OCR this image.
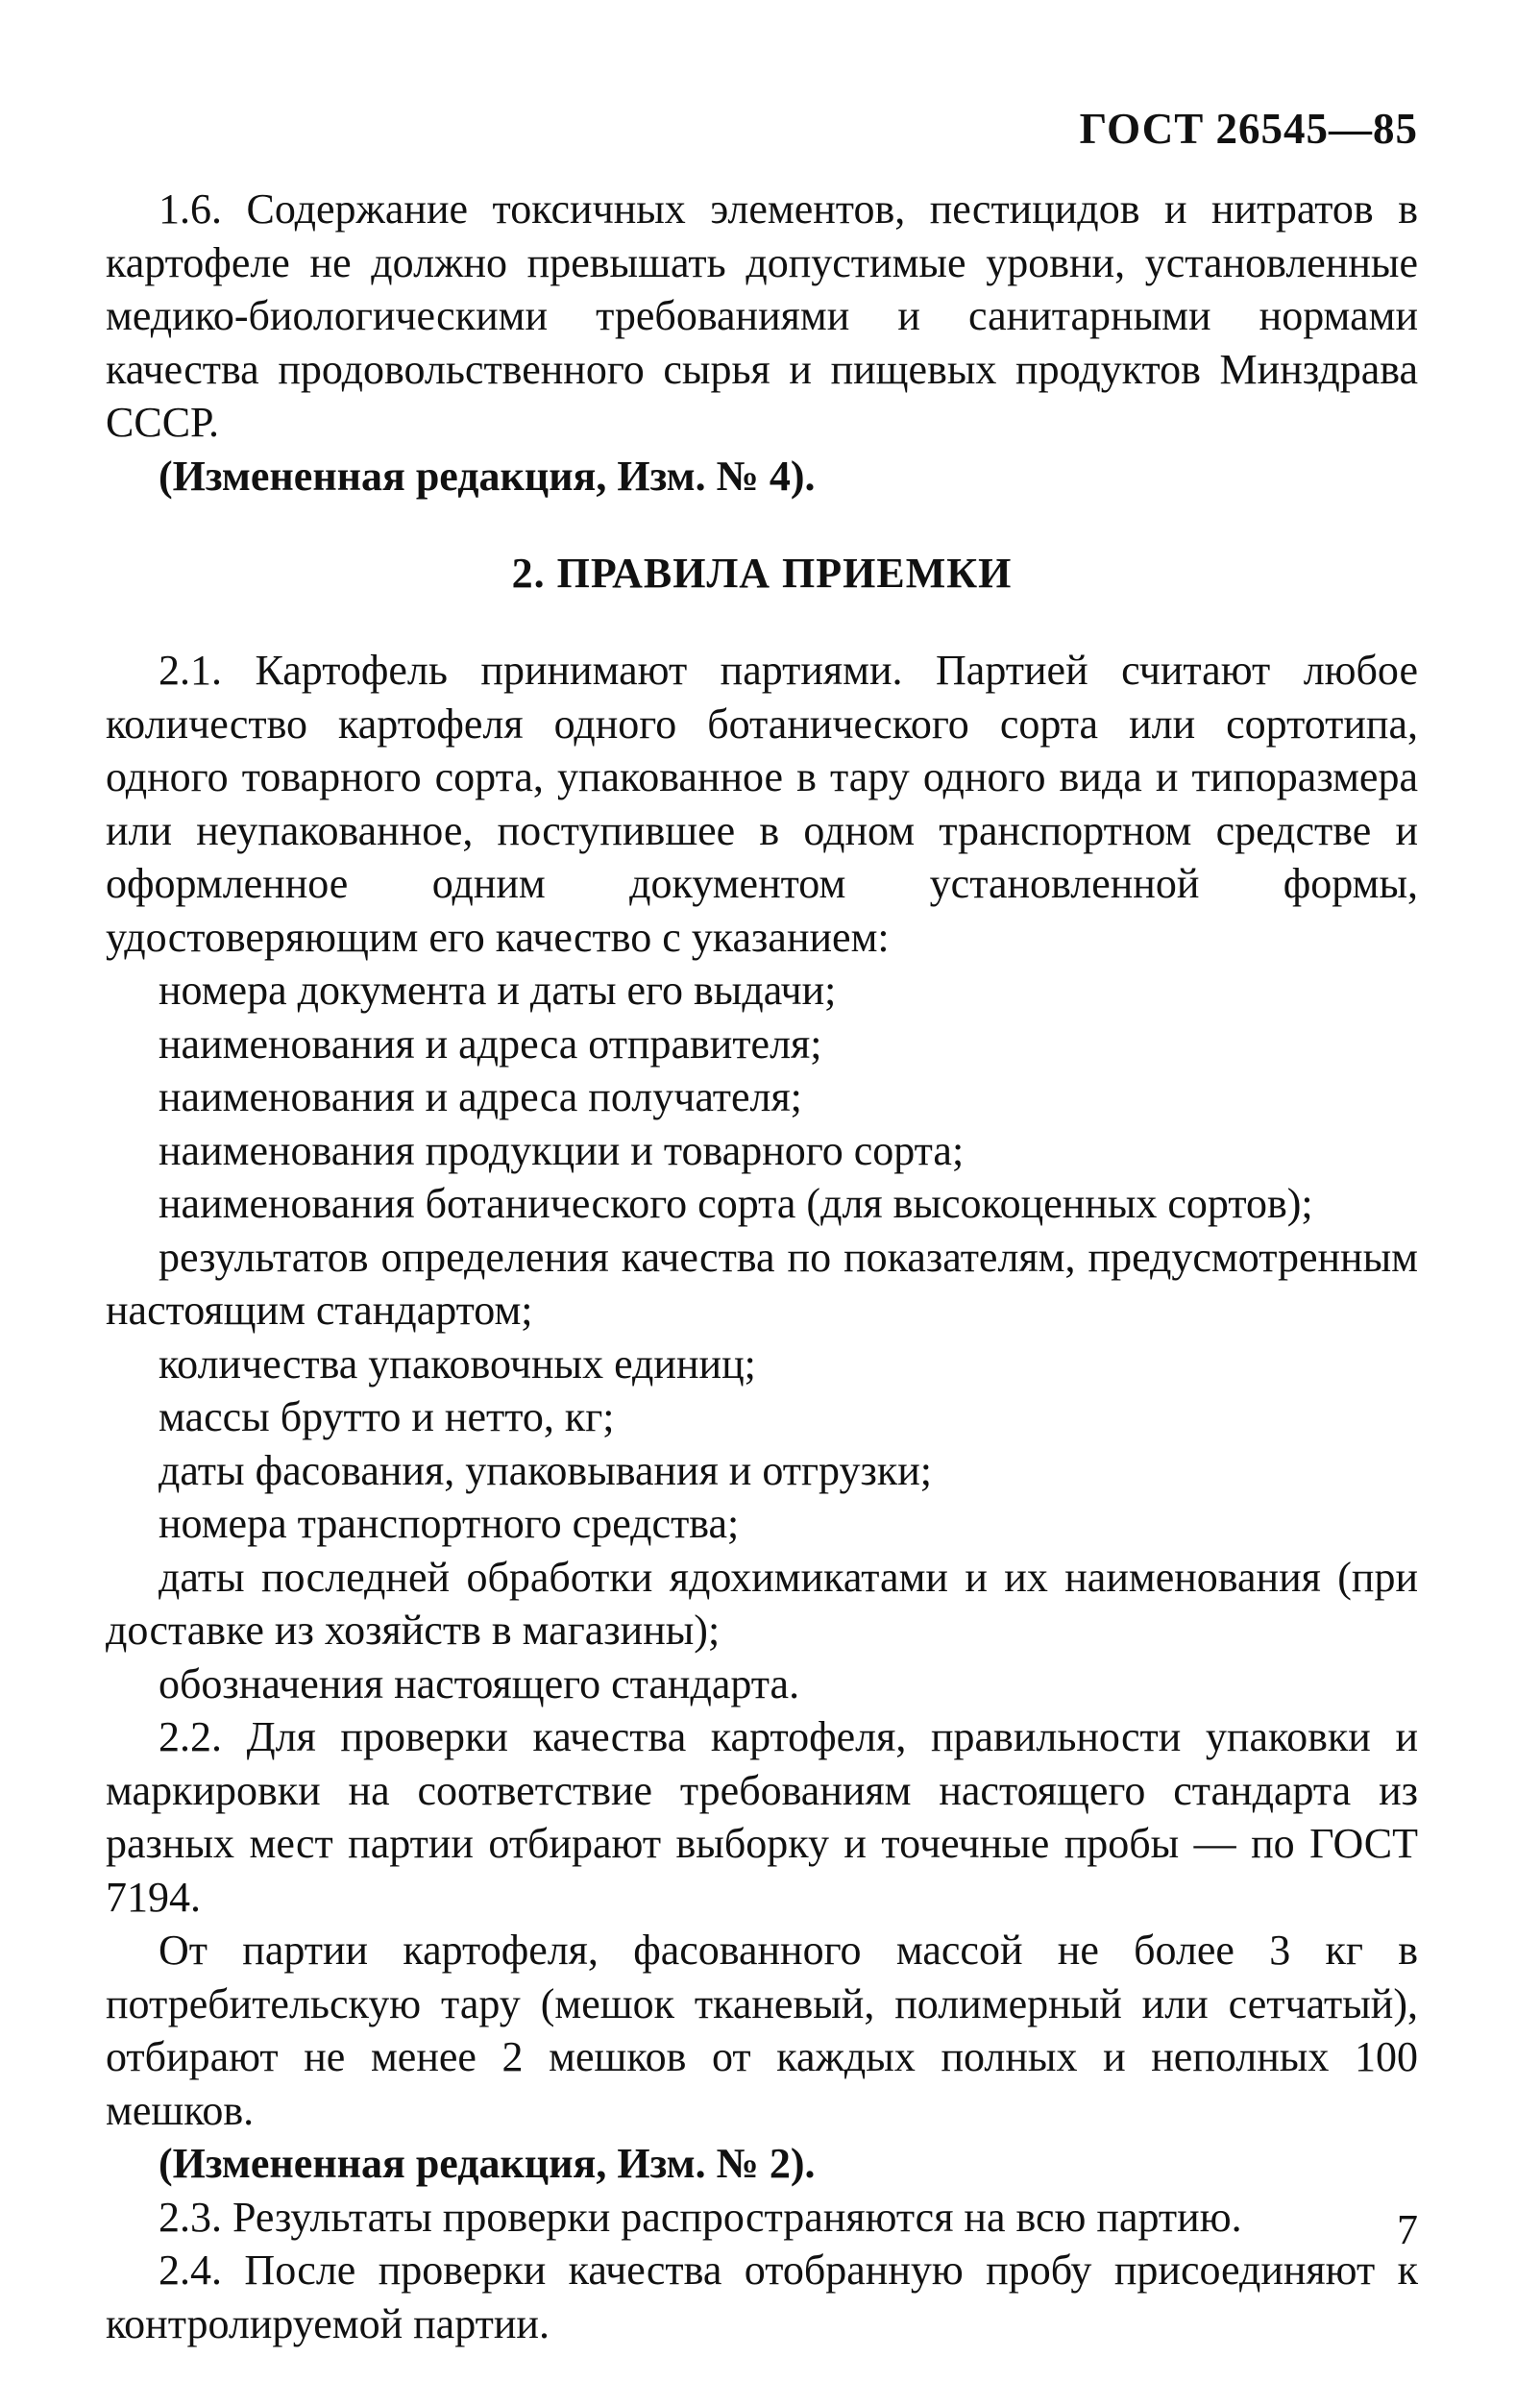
ГОСТ 26545—85

1.6. Содержание токсичных элементов, пестицидов и нитратов в картофеле не должно превышать допустимые уровни, установленные медико-биологическими требованиями и санитарными нормами качества продовольственного сырья и пищевых продуктов Минздрава СССР.

(Измененная редакция, Изм. № 4).

2. ПРАВИЛА ПРИЕМКИ

2.1. Картофель принимают партиями. Партией считают любое количество картофеля одного ботанического сорта или сортотипа, одного товарного сорта, упакованное в тару одного вида и типоразмера или неупакованное, поступившее в одном транспортном средстве и оформленное одним документом установленной формы, удостоверяющим его качество с указанием:

номера документа и даты его выдачи;

наименования и адреса отправителя;

наименования и адреса получателя;

наименования продукции и товарного сорта;

наименования ботанического сорта (для высокоценных сортов);

результатов определения качества по показателям, предусмотренным настоящим стандартом;

количества упаковочных единиц;

массы брутто и нетто, кг;

даты фасования, упаковывания и отгрузки;

номера транспортного средства;

даты последней обработки ядохимикатами и их наименования (при доставке из хозяйств в магазины);

обозначения настоящего стандарта.

2.2. Для проверки качества картофеля, правильности упаковки и маркировки на соответствие требованиям настоящего стандарта из разных мест партии отбирают выборку и точечные пробы — по ГОСТ 7194.

От партии картофеля, фасованного массой не более 3 кг в потребительскую тару (мешок тканевый, полимерный или сетчатый), отбирают не менее 2 мешков от каждых полных и неполных 100 мешков.

(Измененная редакция, Изм. № 2).

2.3. Результаты проверки распространяются на всю партию.

2.4. После проверки качества отобранную пробу присоединяют к контролируемой партии.

7
